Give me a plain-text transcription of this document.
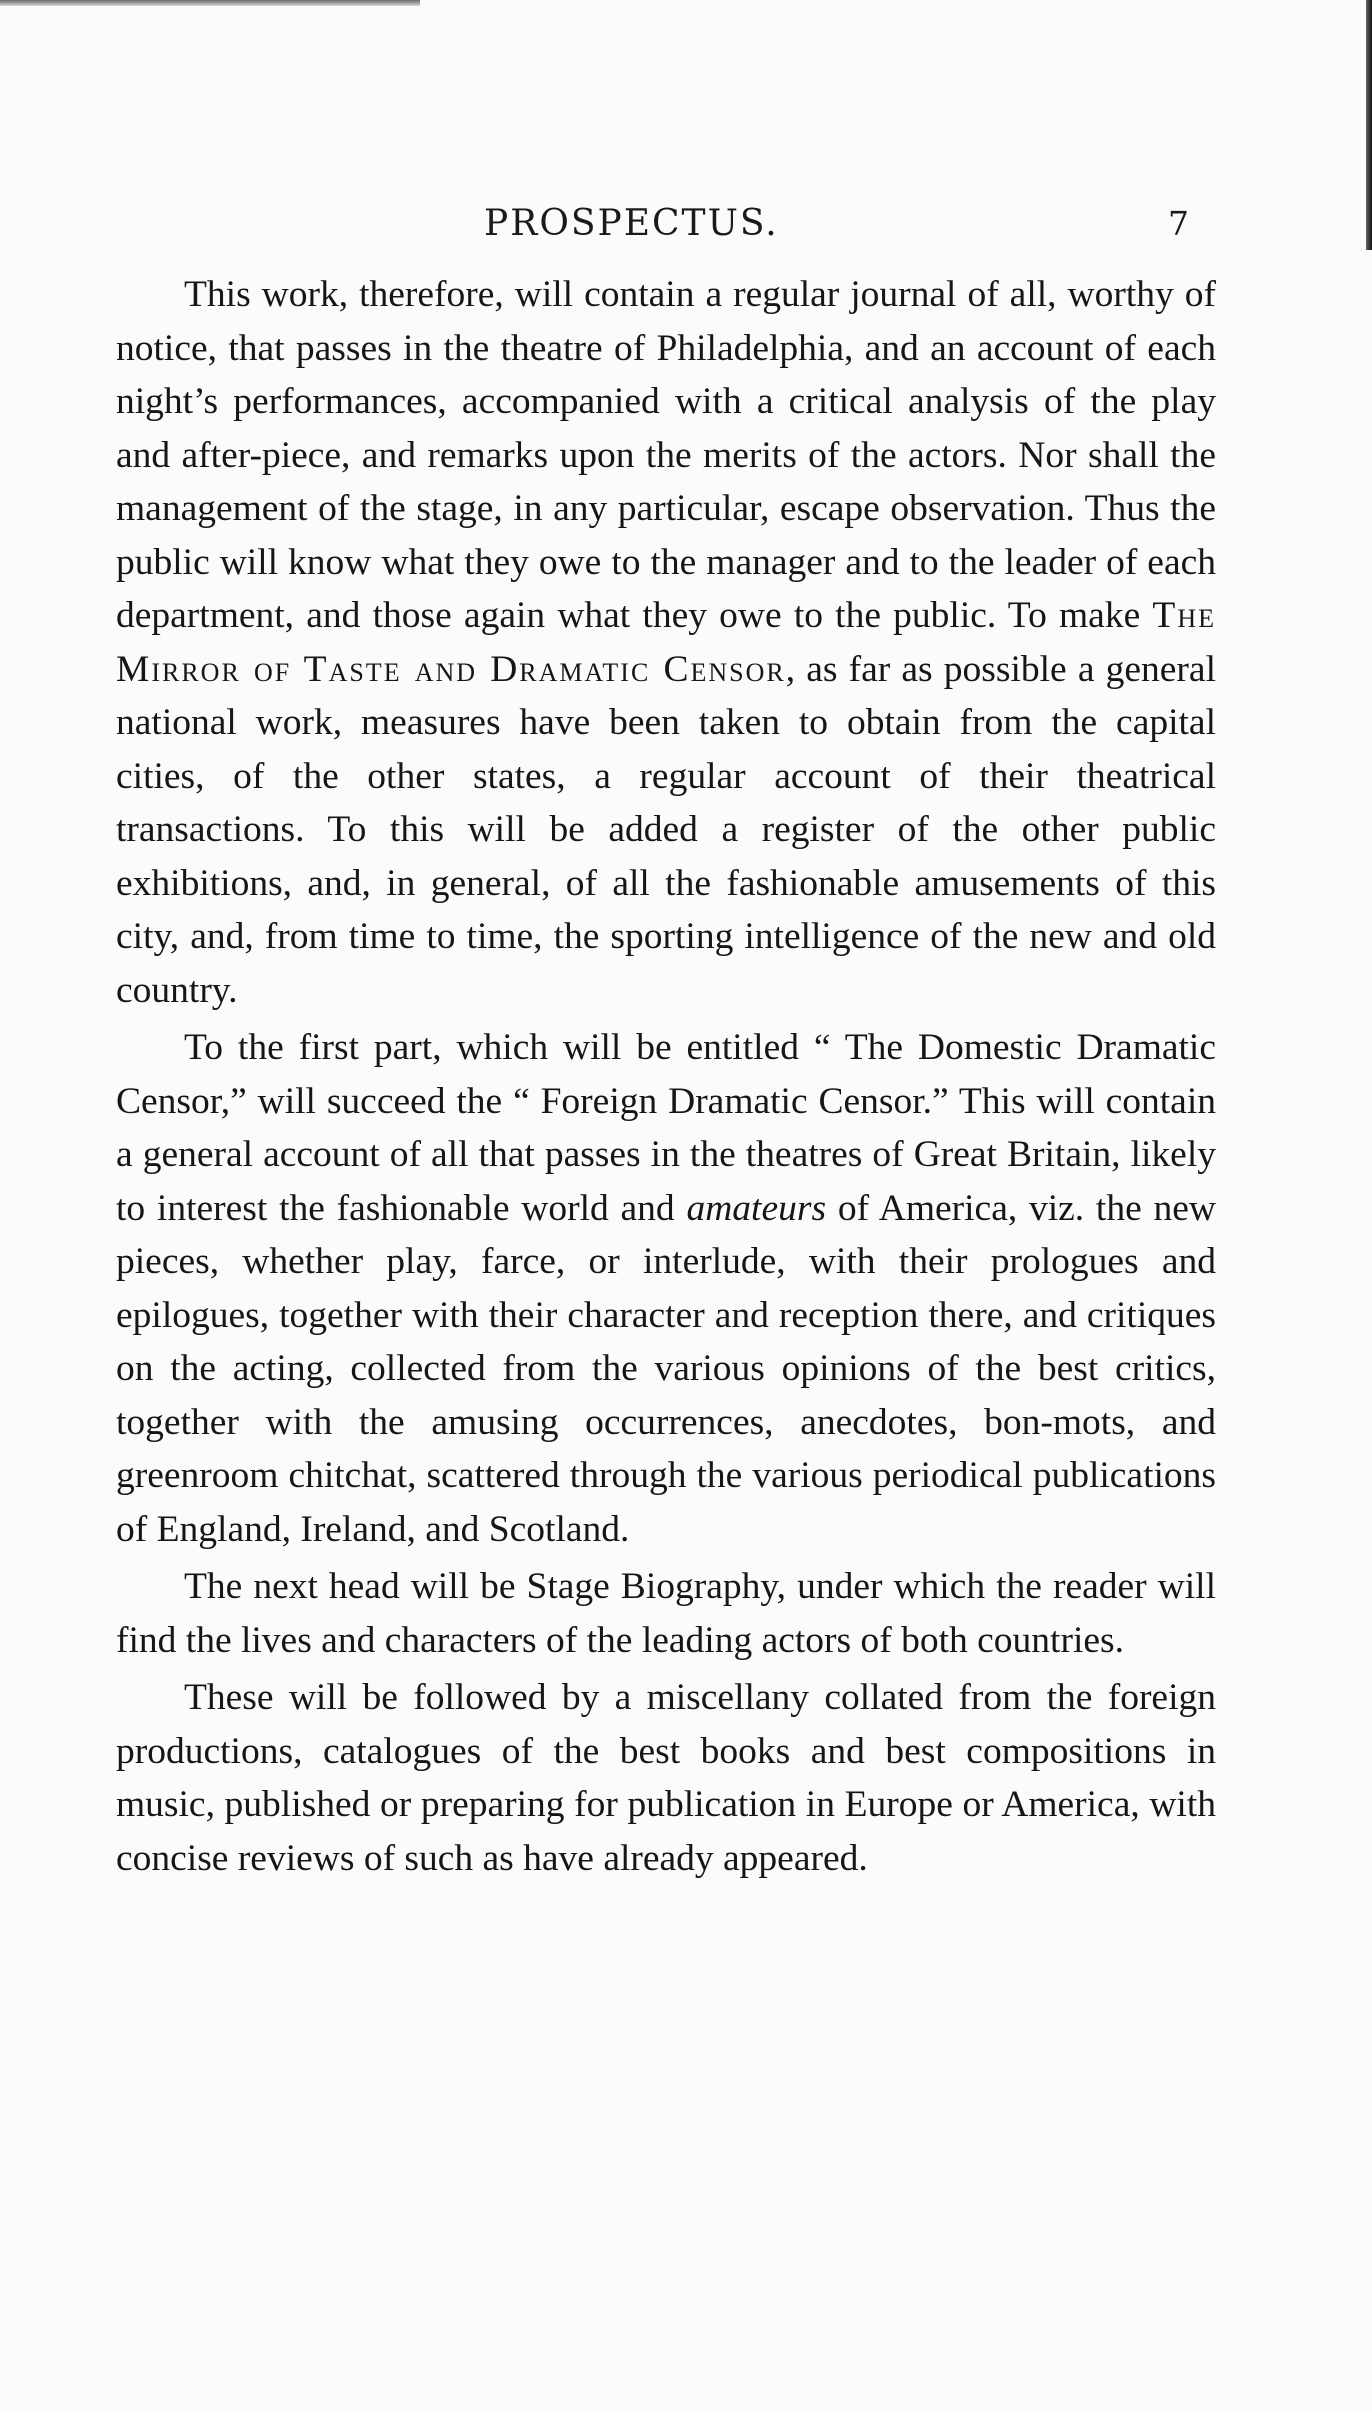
PROSPECTUS.	7

This work, therefore, will contain a regular journal of all, worthy of notice, that passes in the theatre of Philadelphia, and an account of each night’s performances, accompanied with a critical analysis of the play and after-piece, and remarks upon the merits of the actors. Nor shall the management of the stage, in any particular, escape observation. Thus the public will know what they owe to the manager and to the leader of each department, and those again what they owe to the public. To make The Mirror of Taste and Dramatic Censor, as far as possible a general national work, measures have been taken to obtain from the capital cities, of the other states, a regular account of their theatrical transactions. To this will be added a register of the other public exhibitions, and, in general, of all the fashionable amusements of this city, and, from time to time, the sporting intelligence of the new and old country.

To the first part, which will be entitled “ The Domestic Dramatic Censor,” will succeed the “ Foreign Dramatic Censor.” This will contain a general account of all that passes in the theatres of Great Britain, likely to interest the fashionable world and amateurs of America, viz. the new pieces, whether play, farce, or interlude, with their prologues and epilogues, together with their character and reception there, and critiques on the acting, collected from the various opinions of the best critics, together with the amusing occurrences, anecdotes, bon-mots, and greenroom chitchat, scattered through the various periodical publications of England, Ireland, and Scotland.

The next head will be Stage Biography, under which the reader will find the lives and characters of the leading actors of both countries.

These will be followed by a miscellany collated from the foreign productions, catalogues of the best books and best compositions in music, published or preparing for publication in Europe or America, with concise reviews of such as have already appeared.
